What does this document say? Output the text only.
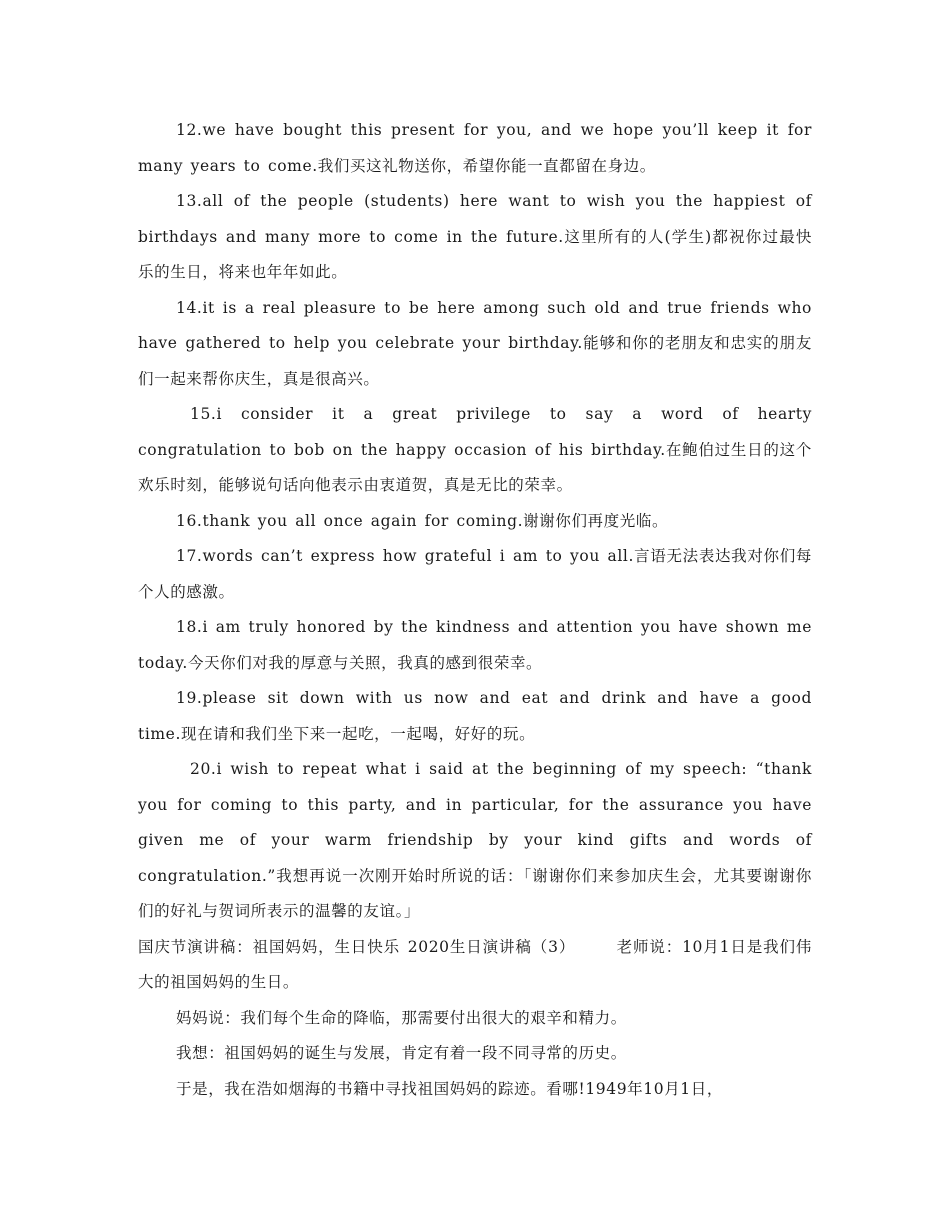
12.we have bought this present for you, and we hope you’ll keep it for many years to come.我们买这礼物送你，希望你能一直都留在身边。

13.all of the people (students) here want to wish you the happiest of birthdays and many more to come in the future.这里所有的人(学生)都祝你过最快乐的生日，将来也年年如此。

14.it is a real pleasure to be here among such old and true friends who have gathered to help you celebrate your birthday.能够和你的老朋友和忠实的朋友们一起来帮你庆生，真是很高兴。

15.i consider it a great privilege to say a word of hearty congratulation to bob on the happy occasion of his birthday.在鲍伯过生日的这个欢乐时刻，能够说句话向他表示由衷道贺，真是无比的荣幸。

16.thank you all once again for coming.谢谢你们再度光临。

17.words can’t express how grateful i am to you all.言语无法表达我对你们每个人的感激。

18.i am truly honored by the kindness and attention you have shown me today.今天你们对我的厚意与关照，我真的感到很荣幸。

19.please sit down with us now and eat and drink and have a good time.现在请和我们坐下来一起吃，一起喝，好好的玩。

20.i wish to repeat what i said at the beginning of my speech: “thank you for coming to this party, and in particular, for the assurance you have given me of your warm friendship by your kind gifts and words of congratulation.”我想再说一次刚开始时所说的话：「谢谢你们来参加庆生会，尤其要谢谢你们的好礼与贺词所表示的温馨的友谊。」

国庆节演讲稿：祖国妈妈，生日快乐 2020生日演讲稿（3）　　　老师说：10月1日是我们伟大的祖国妈妈的生日。

妈妈说：我们每个生命的降临，那需要付出很大的艰辛和精力。

我想：祖国妈妈的诞生与发展，肯定有着一段不同寻常的历史。

于是，我在浩如烟海的书籍中寻找祖国妈妈的踪迹。看哪!1949年10月1日，
